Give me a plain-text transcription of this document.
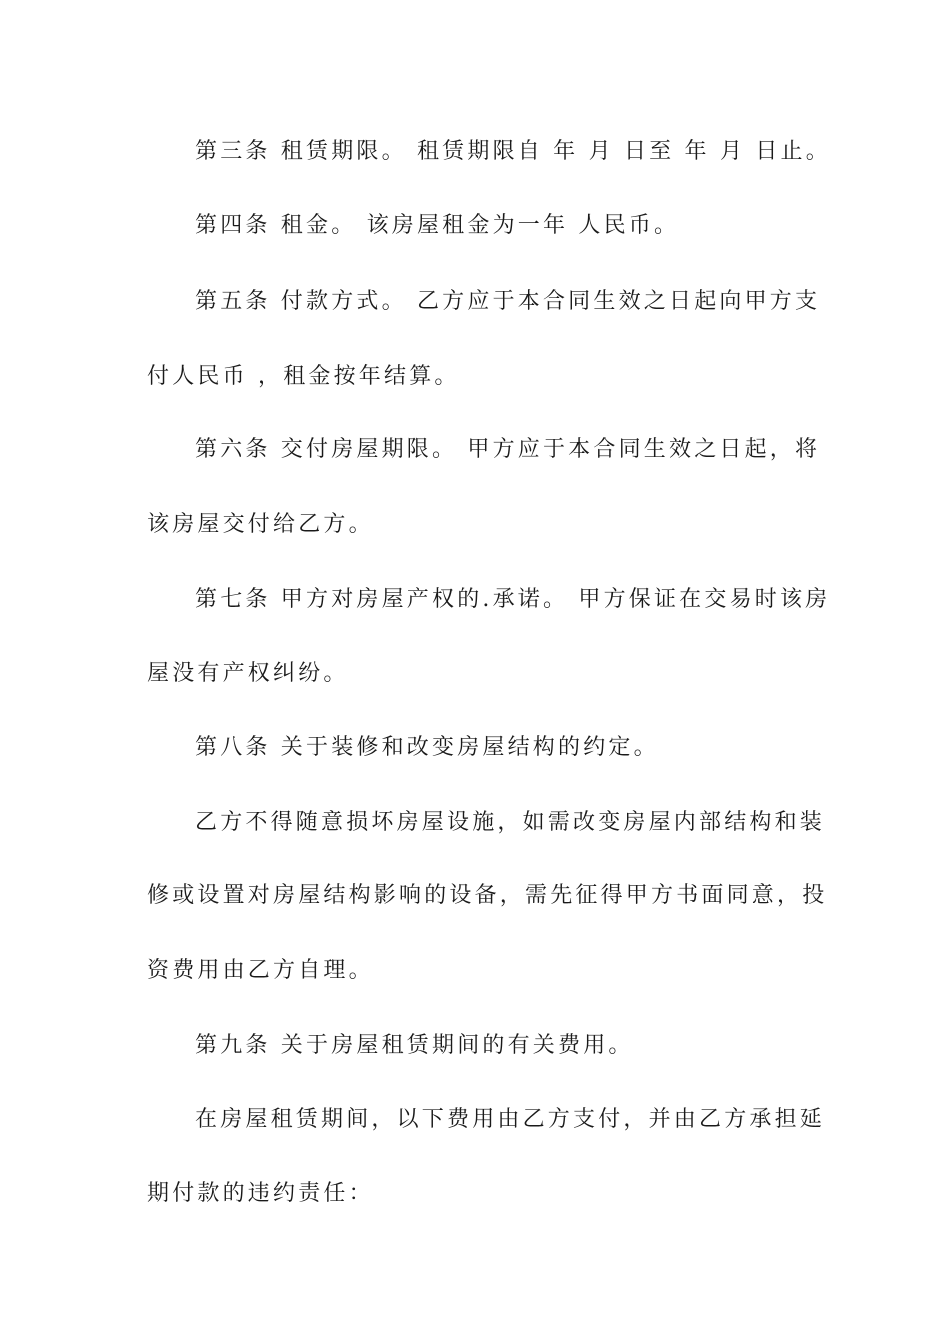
第三条 租赁期限。 租赁期限自 年 月 日至 年 月 日止。
第四条 租金。 该房屋租金为一年 人民币。
第五条 付款方式。 乙方应于本合同生效之日起向甲方支
付人民币 ，租金按年结算。
第六条 交付房屋期限。 甲方应于本合同生效之日起，将
该房屋交付给乙方。
第七条 甲方对房屋产权的.承诺。 甲方保证在交易时该房
屋没有产权纠纷。
第八条 关于装修和改变房屋结构的约定。
乙方不得随意损坏房屋设施，如需改变房屋内部结构和装
修或设置对房屋结构影响的设备，需先征得甲方书面同意，投
资费用由乙方自理。
第九条 关于房屋租赁期间的有关费用。
在房屋租赁期间，以下费用由乙方支付，并由乙方承担延
期付款的违约责任：
